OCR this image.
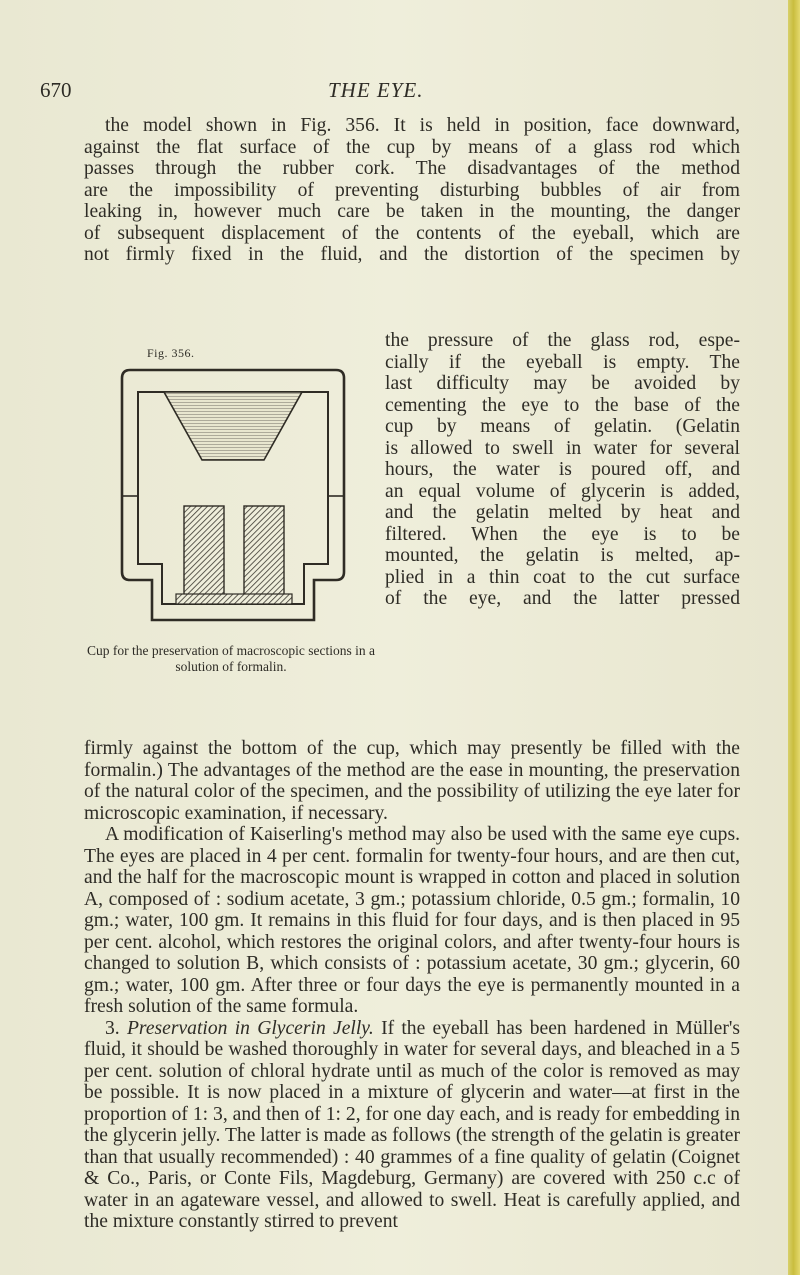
670	THE EYE.
the model shown in Fig. 356. It is held in position, face downward,
against the flat surface of the cup by means of a glass rod which
passes through the rubber cork. The disadvantages of the method
are the impossibility of preventing disturbing bubbles of air from
leaking in, however much care be taken in the mounting, the danger
of subsequent displacement of the contents of the eyeball, which are
not firmly fixed in the fluid, and the distortion of the specimen by
Fig. 356.
Cup for the preservation of macroscopic sections in a solution of formalin.
the pressure of the glass rod, espe-
cially if the eyeball is empty. The
last difficulty may be avoided by
cementing the eye to the base of the
cup by means of gelatin. (Gelatin
is allowed to swell in water for several
hours, the water is poured off, and
an equal volume of glycerin is added,
and the gelatin melted by heat and
filtered. When the eye is to be
mounted, the gelatin is melted, ap-
plied in a thin coat to the cut surface
of the eye, and the latter pressed

firmly against the bottom of the cup, which may presently be filled with the formalin.) The advantages of the method are the ease in mounting, the preservation of the natural color of the specimen, and the possibility of utilizing the eye later for microscopic examination, if necessary.

A modification of Kaiserling's method may also be used with the same eye cups. The eyes are placed in 4 per cent. formalin for twenty-four hours, and are then cut, and the half for the macroscopic mount is wrapped in cotton and placed in solution A, composed of : sodium acetate, 3 gm.; potassium chloride, 0.5 gm.; formalin, 10 gm.; water, 100 gm. It remains in this fluid for four days, and is then placed in 95 per cent. alcohol, which restores the original colors, and after twenty-four hours is changed to solution B, which consists of : potassium acetate, 30 gm.; glycerin, 60 gm.; water, 100 gm. After three or four days the eye is permanently mounted in a fresh solution of the same formula.

3. Preservation in Glycerin Jelly. If the eyeball has been hardened in Müller's fluid, it should be washed thoroughly in water for several days, and bleached in a 5 per cent. solution of chloral hydrate until as much of the color is removed as may be possible. It is now placed in a mixture of glycerin and water—at first in the proportion of 1: 3, and then of 1: 2, for one day each, and is ready for embedding in the glycerin jelly. The latter is made as follows (the strength of the gelatin is greater than that usually recommended) : 40 grammes of a fine quality of gelatin (Coignet & Co., Paris, or Conte Fils, Magdeburg, Germany) are covered with 250 c.c of water in an agateware vessel, and allowed to swell. Heat is carefully applied, and the mixture constantly stirred to prevent
